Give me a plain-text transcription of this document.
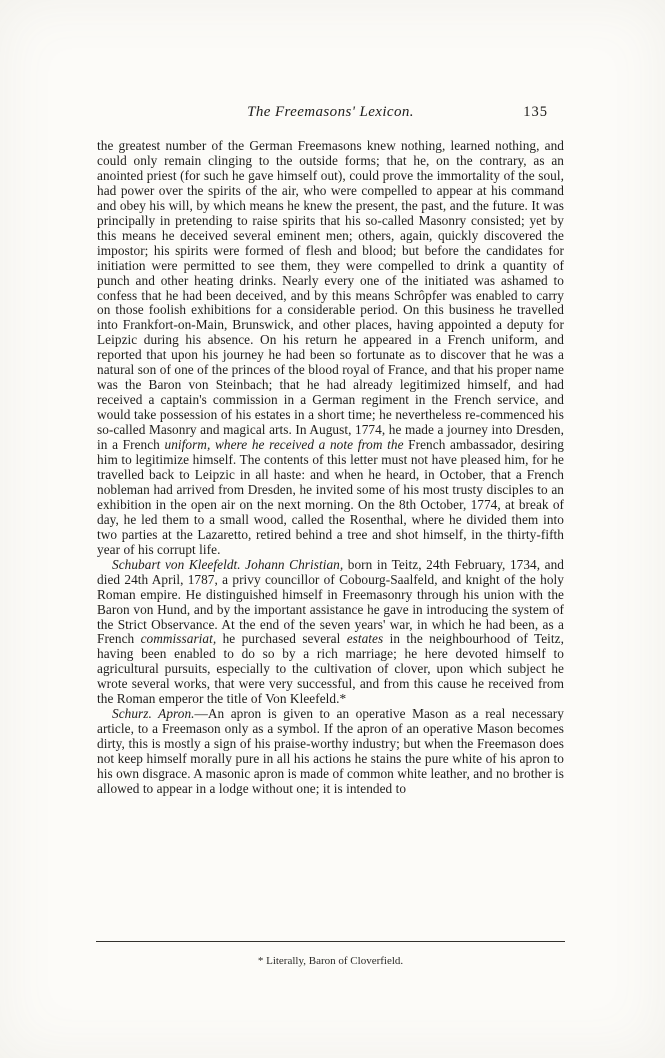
The Freemasons' Lexicon.	135

the greatest number of the German Freemasons knew nothing, learned nothing, and could only remain clinging to the outside forms; that he, on the contrary, as an anointed priest (for such he gave himself out), could prove the immortality of the soul, had power over the spirits of the air, who were compelled to appear at his command and obey his will, by which means he knew the present, the past, and the future. It was principally in pretending to raise spirits that his so-called Masonry consisted; yet by this means he deceived several eminent men; others, again, quickly discovered the impostor; his spirits were formed of flesh and blood; but before the candidates for initiation were permitted to see them, they were compelled to drink a quantity of punch and other heating drinks. Nearly every one of the initiated was ashamed to confess that he had been deceived, and by this means Schrôpfer was enabled to carry on those foolish exhibitions for a considerable period. On this business he travelled into Frankfort-on-Main, Brunswick, and other places, having appointed a deputy for Leipzic during his absence. On his return he appeared in a French uniform, and reported that upon his journey he had been so fortunate as to discover that he was a natural son of one of the princes of the blood royal of France, and that his proper name was the Baron von Steinbach; that he had already legitimized himself, and had received a captain's commission in a German regiment in the French service, and would take possession of his estates in a short time; he nevertheless re-commenced his so-called Masonry and magical arts. In August, 1774, he made a journey into Dresden, in a French uniform, where he received a note from the French ambassador, desiring him to legitimize himself. The contents of this letter must not have pleased him, for he travelled back to Leipzic in all haste: and when he heard, in October, that a French nobleman had arrived from Dresden, he invited some of his most trusty disciples to an exhibition in the open air on the next morning. On the 8th October, 1774, at break of day, he led them to a small wood, called the Rosenthal, where he divided them into two parties at the Lazaretto, retired behind a tree and shot himself, in the thirty-fifth year of his corrupt life.

Schubart von Kleefeldt. Johann Christian, born in Teitz, 24th February, 1734, and died 24th April, 1787, a privy councillor of Cobourg-Saalfeld, and knight of the holy Roman empire. He distinguished himself in Freemasonry through his union with the Baron von Hund, and by the important assistance he gave in introducing the system of the Strict Observance. At the end of the seven years' war, in which he had been, as a French commissariat, he purchased several estates in the neighbourhood of Teitz, having been enabled to do so by a rich marriage; he here devoted himself to agricultural pursuits, especially to the cultivation of clover, upon which subject he wrote several works, that were very successful, and from this cause he received from the Roman emperor the title of Von Kleefeld.*

Schurz. Apron.—An apron is given to an operative Mason as a real necessary article, to a Freemason only as a symbol. If the apron of an operative Mason becomes dirty, this is mostly a sign of his praise-worthy industry; but when the Freemason does not keep himself morally pure in all his actions he stains the pure white of his apron to his own disgrace. A masonic apron is made of common white leather, and no brother is allowed to appear in a lodge without one; it is intended to

* Literally, Baron of Cloverfield.
